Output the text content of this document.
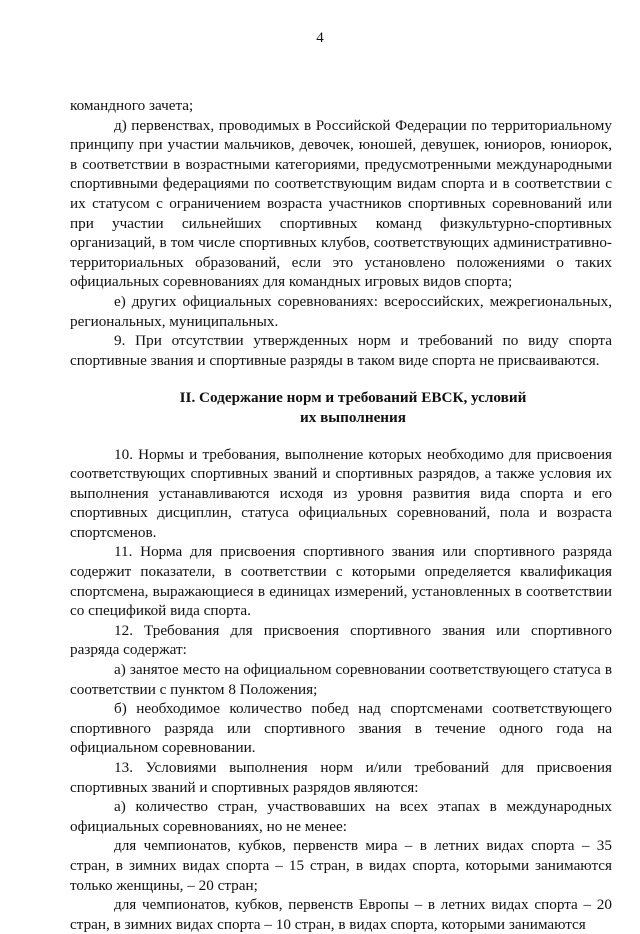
4

командного зачета;

д) первенствах, проводимых в Российской Федерации по территориальному принципу при участии мальчиков, девочек, юношей, девушек, юниоров, юниорок, в соответствии в возрастными категориями, предусмотренными международными спортивными федерациями по соответствующим видам спорта и в соответствии с их статусом с ограничением возраста участников спортивных соревнований или при участии сильнейших спортивных команд физкультурно-спортивных организаций, в том числе спортивных клубов, соответствующих административно-территориальных образований, если это установлено положениями о таких официальных соревнованиях для командных игровых видов спорта;

е) других официальных соревнованиях: всероссийских, межрегиональных, региональных, муниципальных.

9. При отсутствии утвержденных норм и требований по виду спорта спортивные звания и спортивные разряды в таком виде спорта не присваиваются.

II. Содержание норм и требований ЕВСК, условий
их выполнения

10. Нормы и требования, выполнение которых необходимо для присвоения соответствующих спортивных званий и спортивных разрядов, а также условия их выполнения устанавливаются исходя из уровня развития вида спорта и его спортивных дисциплин, статуса официальных соревнований, пола и возраста спортсменов.

11. Норма для присвоения спортивного звания или спортивного разряда содержит показатели, в соответствии с которыми определяется квалификация спортсмена, выражающиеся в единицах измерений, установленных в соответствии со спецификой вида спорта.

12. Требования для присвоения спортивного звания или спортивного разряда содержат:

а) занятое место на официальном соревновании соответствующего статуса в соответствии с пунктом 8 Положения;

б) необходимое количество побед над спортсменами соответствующего спортивного разряда или спортивного звания в течение одного года на официальном соревновании.

13. Условиями выполнения норм и/или требований для присвоения спортивных званий и спортивных разрядов являются:

а) количество стран, участвовавших на всех этапах в международных официальных соревнованиях, но не менее:

для чемпионатов, кубков, первенств мира – в летних видах спорта – 35 стран, в зимних видах спорта – 15 стран, в видах спорта, которыми занимаются только женщины, – 20 стран;

для чемпионатов, кубков, первенств Европы – в летних видах спорта – 20 стран, в зимних видах спорта – 10 стран, в видах спорта, которыми занимаются
